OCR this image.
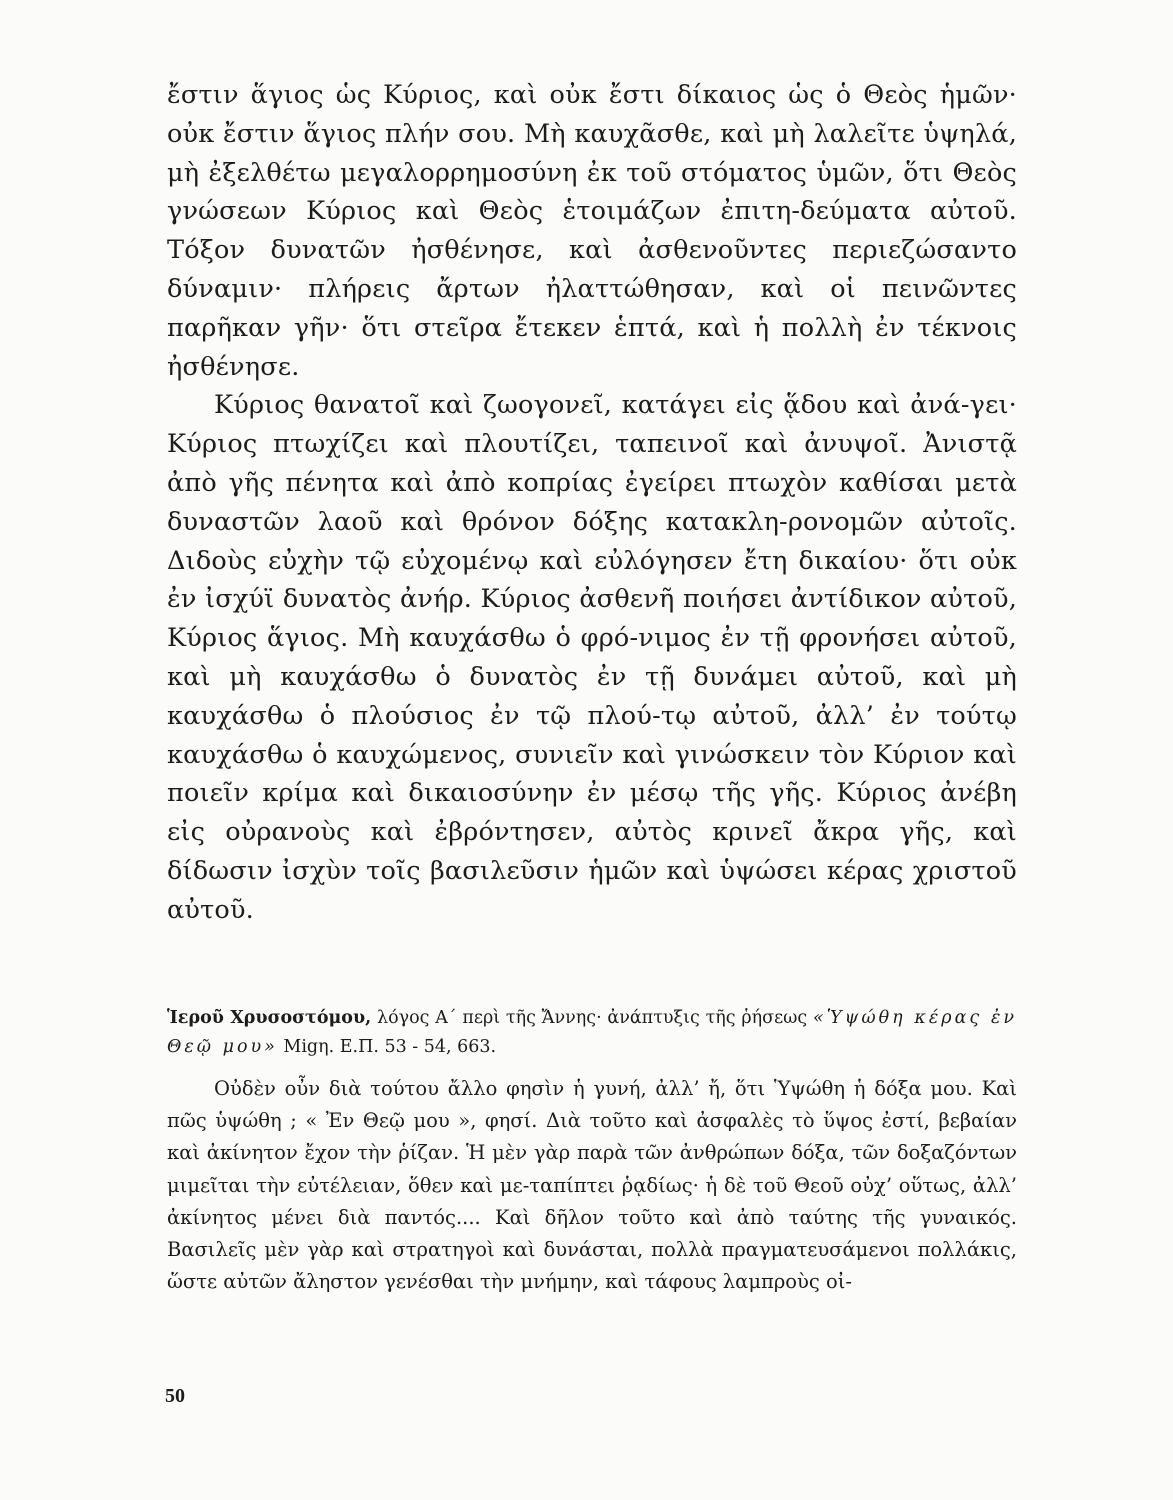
ἔστιν ἅγιος ὡς Κύριος, καὶ οὐκ ἔστι δίκαιος ὡς ὁ Θεὸς ἡμῶν· οὐκ ἔστιν ἅγιος πλήν σου. Μὴ καυχᾶσθε, καὶ μὴ λαλεῖτε ὑψηλά, μὴ ἐξελθέτω μεγαλορρημοσύνη ἐκ τοῦ στόματος ὑμῶν, ὅτι Θεὸς γνώσεων Κύριος καὶ Θεὸς ἑτοιμάζων ἐπιτη-δεύματα αὐτοῦ. Τόξον δυνατῶν ἠσθένησε, καὶ ἀσθενοῦντες περιεζώσαντο δύναμιν· πλήρεις ἄρτων ἠλαττώθησαν, καὶ οἱ πεινῶντες παρῆκαν γῆν· ὅτι στεῖρα ἔτεκεν ἑπτά, καὶ ἡ πολλὴ ἐν τέκνοις ἠσθένησε.

Κύριος θανατοῖ καὶ ζωογονεῖ, κατάγει εἰς ᾅδου καὶ ἀνά-γει· Κύριος πτωχίζει καὶ πλουτίζει, ταπεινοῖ καὶ ἀνυψοῖ. Ἀνιστᾷ ἀπὸ γῆς πένητα καὶ ἀπὸ κοπρίας ἐγείρει πτωχὸν καθίσαι μετὰ δυναστῶν λαοῦ καὶ θρόνον δόξης κατακλη-ρονομῶν αὐτοῖς. Διδοὺς εὐχὴν τῷ εὐχομένῳ καὶ εὐλόγησεν ἔτη δικαίου· ὅτι οὐκ ἐν ἰσχύϊ δυνατὸς ἀνήρ. Κύριος ἀσθενῆ ποιήσει ἀντίδικον αὐτοῦ, Κύριος ἅγιος. Μὴ καυχάσθω ὁ φρό-νιμος ἐν τῇ φρονήσει αὐτοῦ, καὶ μὴ καυχάσθω ὁ δυνατὸς ἐν τῇ δυνάμει αὐτοῦ, καὶ μὴ καυχάσθω ὁ πλούσιος ἐν τῷ πλού-τῳ αὐτοῦ, ἀλλ’ ἐν τούτῳ καυχάσθω ὁ καυχώμενος, συνιεῖν καὶ γινώσκειν τὸν Κύριον καὶ ποιεῖν κρίμα καὶ δικαιοσύνην ἐν μέσῳ τῆς γῆς. Κύριος ἀνέβη εἰς οὐρανοὺς καὶ ἐβρόντησεν, αὐτὸς κρινεῖ ἄκρα γῆς, καὶ δίδωσιν ἰσχὺν τοῖς βασιλεῦσιν ἡμῶν καὶ ὑψώσει κέρας χριστοῦ αὐτοῦ.

Ἱεροῦ Χρυσοστόμου, λόγος Α΄ περὶ τῆς Ἄννης· ἀνάπτυξις τῆς ῥήσεως «Ὑψώθη κέρας ἐν Θεῷ μου» Migη. Ε.Π. 53 - 54, 663.

Οὐδὲν οὖν διὰ τούτου ἄλλο φησὶν ἡ γυνή, ἀλλ’ ἤ, ὅτι Ὑψώθη ἡ δόξα μου. Καὶ πῶς ὑψώθη ; « Ἐν Θεῷ μου », φησί. Διὰ τοῦτο καὶ ἀσφαλὲς τὸ ὕψος ἐστί, βεβαίαν καὶ ἀκίνητον ἔχον τὴν ῥίζαν. Ἡ μὲν γὰρ παρὰ τῶν ἀνθρώπων δόξα, τῶν δοξαζόντων μιμεῖται τὴν εὐτέλειαν, ὅθεν καὶ με-ταπίπτει ῥᾳδίως· ἡ δὲ τοῦ Θεοῦ οὐχ’ οὕτως, ἀλλ’ ἀκίνητος μένει διὰ παντός.... Καὶ δῆλον τοῦτο καὶ ἀπὸ ταύτης τῆς γυναικός. Βασιλεῖς μὲν γὰρ καὶ στρατηγοὶ καὶ δυνάσται, πολλὰ πραγματευσάμενοι πολλάκις, ὥστε αὐτῶν ἄληστον γενέσθαι τὴν μνήμην, καὶ τάφους λαμπροὺς οἰ-

50
